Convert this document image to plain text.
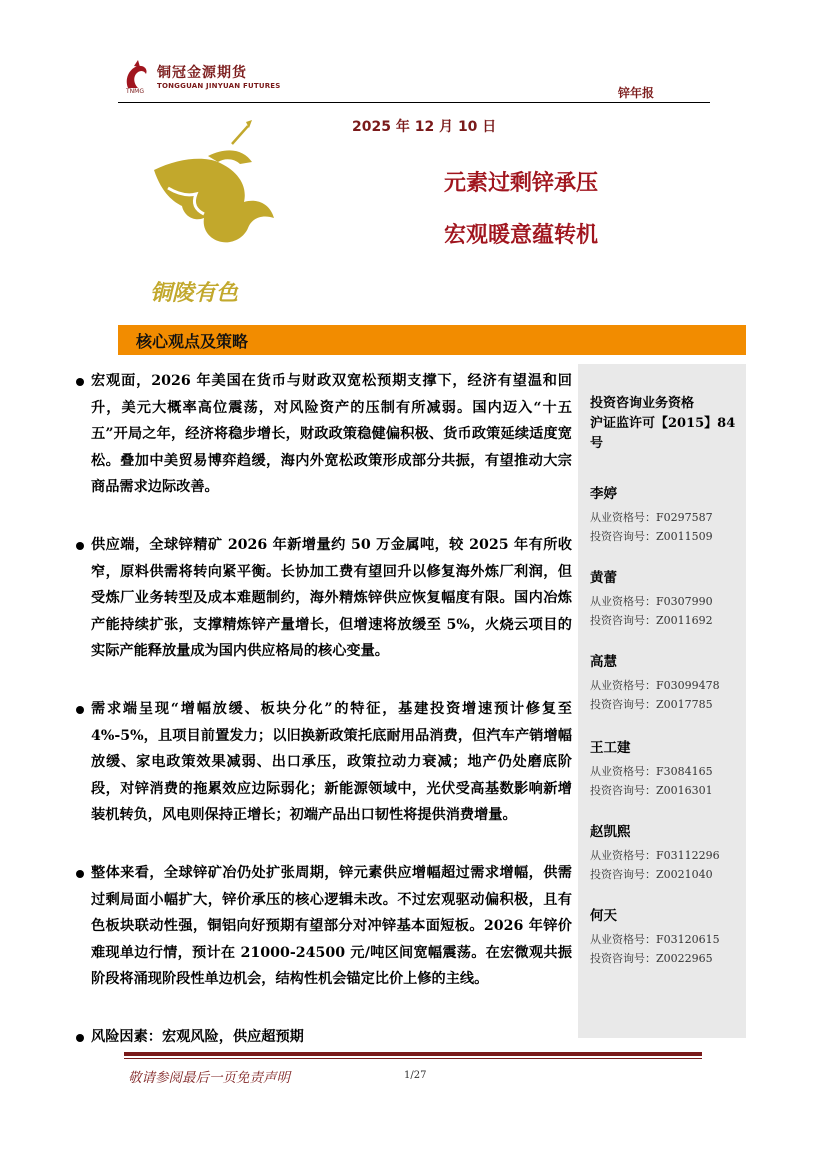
铜冠金源期货
TONGGUAN JINYUAN FUTURES
TNMG	锌年报
2025 年 12 月 10 日
铜陵有色
元素过剩锌承压
宏观暖意蕴转机
核心观点及策略
投资咨询业务资格
沪证监许可【2015】84号
李婷
从业资格号：F0297587
投资咨询号：Z0011509
黄蕾
从业资格号：F0307990
投资咨询号：Z0011692
高慧
从业资格号：F03099478
投资咨询号：Z0017785
王工建
从业资格号：F3084165
投资咨询号：Z0016301
赵凯熙
从业资格号：F03112296
投资咨询号：Z0021040
何天
从业资格号：F03120615
投资咨询号：Z0022965
宏观面，2026 年美国在货币与财政双宽松预期支撑下，经济有望温和回升，美元大概率高位震荡，对风险资产的压制有所减弱。国内迈入“十五五”开局之年，经济将稳步增长，财政政策稳健偏积极、货币政策延续适度宽松。叠加中美贸易博弈趋缓，海内外宽松政策形成部分共振，有望推动大宗商品需求边际改善。
供应端，全球锌精矿 2026 年新增量约 50 万金属吨，较 2025 年有所收窄，原料供需将转向紧平衡。长协加工费有望回升以修复海外炼厂利润，但受炼厂业务转型及成本难题制约，海外精炼锌供应恢复幅度有限。国内冶炼产能持续扩张，支撑精炼锌产量增长，但增速将放缓至 5%，火烧云项目的实际产能释放量成为国内供应格局的核心变量。
需求端呈现“增幅放缓、板块分化”的特征，基建投资增速预计修复至 4%-5%，且项目前置发力；以旧换新政策托底耐用品消费，但汽车产销增幅放缓、家电政策效果减弱、出口承压，政策拉动力衰减；地产仍处磨底阶段，对锌消费的拖累效应边际弱化；新能源领域中，光伏受高基数影响新增装机转负，风电则保持正增长；初端产品出口韧性将提供消费增量。
整体来看，全球锌矿冶仍处扩张周期，锌元素供应增幅超过需求增幅，供需过剩局面小幅扩大，锌价承压的核心逻辑未改。不过宏观驱动偏积极，且有色板块联动性强，铜铝向好预期有望部分对冲锌基本面短板。2026 年锌价难现单边行情，预计在 21000-24500 元/吨区间宽幅震荡。在宏微观共振阶段将涌现阶段性单边机会，结构性机会锚定比价上修的主线。
风险因素：宏观风险，供应超预期
敬请参阅最后一页免责声明	1/27
